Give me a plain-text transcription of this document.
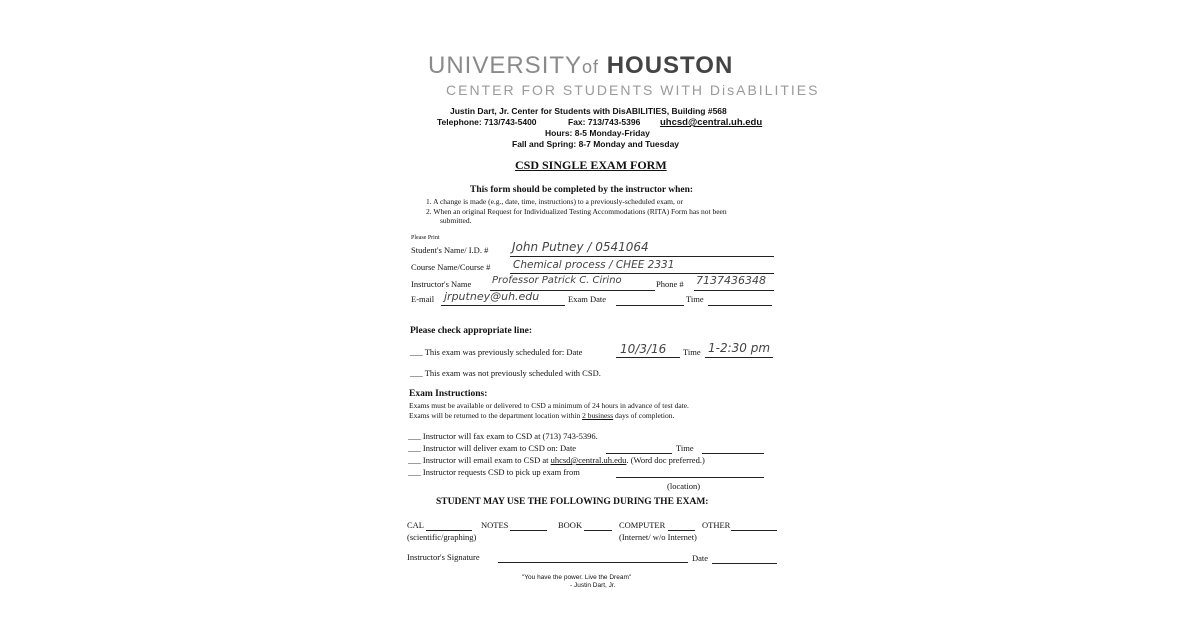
UNIVERSITYof HOUSTON
CENTER FOR STUDENTS WITH DisABILITIES
Justin Dart, Jr. Center for Students with DisABILITIES, Building #568
Telephone: 713/743-5400	Fax: 713/743-5396 uhcsd@central.uh.edu
Hours: 8-5 Monday-Friday
Fall and Spring: 8-7 Monday and Tuesday
CSD SINGLE EXAM FORM
This form should be completed by the instructor when:
1. A change is made (e.g., date, time, instructions) to a previously-scheduled exam, or
2. When an original Request for Individualized Testing Accommodations (RITA) Form has not been
submitted.
Please Print
Student's Name/ I.D. # John Putney / 0541064
Course Name/Course # Chemical process / CHEE 2331
Instructor's Name Professor Patrick C. Cirino	Phone # 7137436348
E-mail jrputney@uh.edu	Exam Date	Time
Please check appropriate line:
___ This exam was previously scheduled for: Date	10/3/16 Time 1-2:30 pm
___ This exam was not previously scheduled with CSD.
Exam Instructions:
Exams must be available or delivered to CSD a minimum of 24 hours in advance of test date.
Exams will be returned to the department location within 2 business days of completion.
___ Instructor will fax exam to CSD at (713) 743-5396.
___ Instructor will deliver exam to CSD on: Date	Time
___ Instructor will email exam to CSD at uhcsd@central.uh.edu. (Word doc preferred.)
___ Instructor requests CSD to pick up exam from
(location)
STUDENT MAY USE THE FOLLOWING DURING THE EXAM:
CAL	NOTES	BOOK	COMPUTER	OTHER
(scientific/graphing)	(Internet/ w/o Internet)
Instructor's Signature	Date
"You have the power. Live the Dream"
- Justin Dart, Jr.
